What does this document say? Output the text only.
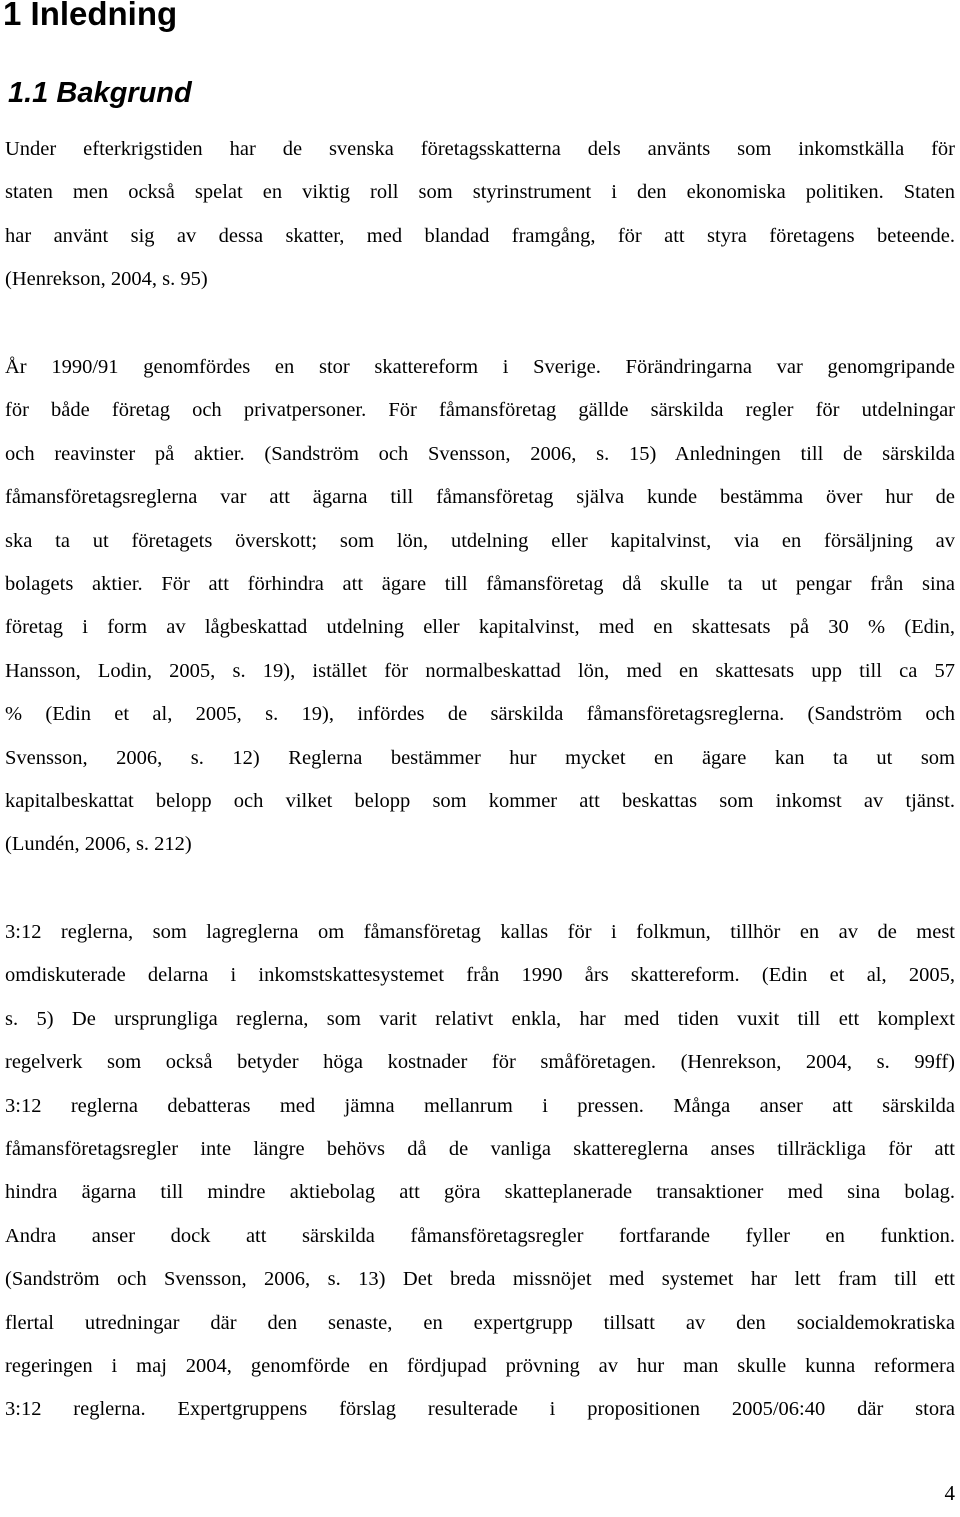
1 Inledning
1.1 Bakgrund
Under efterkrigstiden har de svenska företagsskatterna dels använts som inkomstkälla för
staten men också spelat en viktig roll som styrinstrument i den ekonomiska politiken. Staten
har använt sig av dessa skatter, med blandad framgång, för att styra företagens beteende.
(Henrekson, 2004, s. 95)
År 1990/91 genomfördes en stor skattereform i Sverige. Förändringarna var genomgripande
för både företag och privatpersoner. För fåmansföretag gällde särskilda regler för utdelningar
och reavinster på aktier. (Sandström och Svensson, 2006, s. 15) Anledningen till de särskilda
fåmansföretagsreglerna var att ägarna till fåmansföretag själva kunde bestämma över hur de
ska ta ut företagets överskott; som lön, utdelning eller kapitalvinst, via en försäljning av
bolagets aktier. För att förhindra att ägare till fåmansföretag då skulle ta ut pengar från sina
företag i form av lågbeskattad utdelning eller kapitalvinst, med en skattesats på 30 % (Edin,
Hansson, Lodin, 2005, s. 19), istället för normalbeskattad lön, med en skattesats upp till ca 57
% (Edin et al, 2005, s. 19), infördes de särskilda fåmansföretagsreglerna. (Sandström och
Svensson, 2006, s. 12) Reglerna bestämmer hur mycket en ägare kan ta ut som
kapitalbeskattat belopp och vilket belopp som kommer att beskattas som inkomst av tjänst.
(Lundén, 2006, s. 212)
3:12 reglerna, som lagreglerna om fåmansföretag kallas för i folkmun, tillhör en av de mest
omdiskuterade delarna i inkomstskattesystemet från 1990 års skattereform. (Edin et al, 2005,
s. 5) De ursprungliga reglerna, som varit relativt enkla, har med tiden vuxit till ett komplext
regelverk som också betyder höga kostnader för småföretagen. (Henrekson, 2004, s. 99ff)
3:12 reglerna debatteras med jämna mellanrum i pressen. Många anser att särskilda
fåmansföretagsregler inte längre behövs då de vanliga skattereglerna anses tillräckliga för att
hindra ägarna till mindre aktiebolag att göra skatteplanerade transaktioner med sina bolag.
Andra anser dock att särskilda fåmansföretagsregler fortfarande fyller en funktion.
(Sandström och Svensson, 2006, s. 13) Det breda missnöjet med systemet har lett fram till ett
flertal utredningar där den senaste, en expertgrupp tillsatt av den socialdemokratiska
regeringen i maj 2004, genomförde en fördjupad prövning av hur man skulle kunna reformera
3:12 reglerna. Expertgruppens förslag resulterade i propositionen 2005/06:40 där stora
4
